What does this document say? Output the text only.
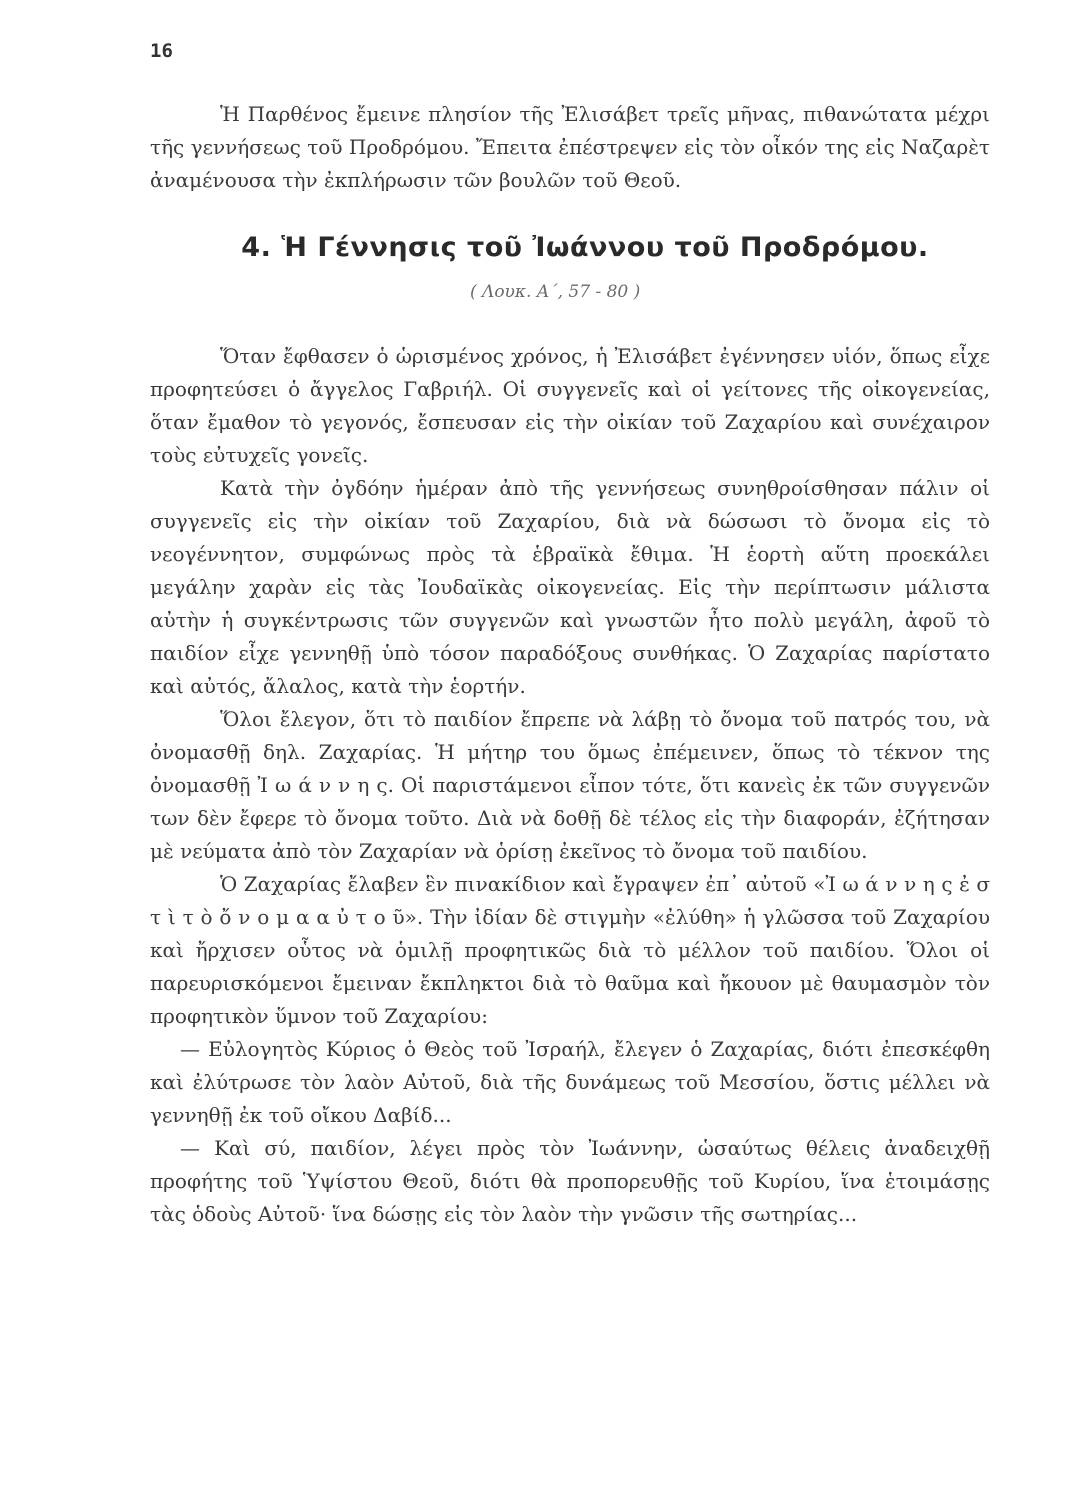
16

Ἡ Παρθένος ἔμεινε πλησίον τῆς Ἐλισάβετ τρεῖς μῆνας, πιθανώτατα μέχρι τῆς γεννήσεως τοῦ Προδρόμου. Ἔπειτα ἐπέστρεψεν εἰς τὸν οἶκόν της εἰς Ναζαρὲτ ἀναμένουσα τὴν ἐκπλήρωσιν τῶν βουλῶν τοῦ Θεοῦ.

4. Ἡ Γέννησις τοῦ Ἰωάννου τοῦ Προδρόμου.
( Λουκ. Α΄, 57 - 80 )

Ὅταν ἔφθασεν ὁ ὡρισμένος χρόνος, ἡ Ἐλισάβετ ἐγέννησεν υἱόν, ὅπως εἶχε προφητεύσει ὁ ἄγγελος Γαβριήλ. Οἱ συγγενεῖς καὶ οἱ γείτονες τῆς οἰκογενείας, ὅταν ἔμαθον τὸ γεγονός, ἔσπευσαν εἰς τὴν οἰκίαν τοῦ Ζαχαρίου καὶ συνέχαιρον τοὺς εὐτυχεῖς γονεῖς.

Κατὰ τὴν ὀγδόην ἡμέραν ἀπὸ τῆς γεννήσεως συνηθροίσθησαν πάλιν οἱ συγγενεῖς εἰς τὴν οἰκίαν τοῦ Ζαχαρίου, διὰ νὰ δώσωσι τὸ ὄνομα εἰς τὸ νεογέννητον, συμφώνως πρὸς τὰ ἑβραϊκὰ ἔθιμα. Ἡ ἑορτὴ αὕτη προεκάλει μεγάλην χαρὰν εἰς τὰς Ἰουδαϊκὰς οἰκογενείας. Εἰς τὴν περίπτωσιν μάλιστα αὐτὴν ἡ συγκέντρωσις τῶν συγγενῶν καὶ γνωστῶν ἦτο πολὺ μεγάλη, ἀφοῦ τὸ παιδίον εἶχε γεννηθῇ ὑπὸ τόσον παραδόξους συνθήκας. Ὁ Ζαχαρίας παρίστατο καὶ αὐτός, ἄλαλος, κατὰ τὴν ἑορτήν.

Ὅλοι ἔλεγον, ὅτι τὸ παιδίον ἔπρεπε νὰ λάβῃ τὸ ὄνομα τοῦ πατρός του, νὰ ὀνομασθῇ δηλ. Ζαχαρίας. Ἡ μήτηρ του ὅμως ἐπέμεινεν, ὅπως τὸ τέκνον της ὀνομασθῇ Ἰ ω ά ν ν η ς. Οἱ παριστάμενοι εἶπον τότε, ὅτι κανεὶς ἐκ τῶν συγγενῶν των δὲν ἔφερε τὸ ὄνομα τοῦτο. Διὰ νὰ δοθῇ δὲ τέλος εἰς τὴν διαφοράν, ἐζήτησαν μὲ νεύματα ἀπὸ τὸν Ζαχαρίαν νὰ ὁρίσῃ ἐκεῖνος τὸ ὄνομα τοῦ παιδίου.

Ὁ Ζαχαρίας ἔλαβεν ἓν πινακίδιον καὶ ἔγραψεν ἐπ᾿ αὐτοῦ «Ἰ ω ά ν ν η ς ἐ σ τ ὶ τ ὸ ὄ ν ο μ α α ὐ τ ο ῦ». Τὴν ἰδίαν δὲ στιγμὴν «ἐλύθη» ἡ γλῶσσα τοῦ Ζαχαρίου καὶ ἤρχισεν οὗτος νὰ ὁμιλῇ προφητικῶς διὰ τὸ μέλλον τοῦ παιδίου. Ὅλοι οἱ παρευρισκόμενοι ἔμειναν ἔκπληκτοι διὰ τὸ θαῦμα καὶ ἤκουον μὲ θαυμασμὸν τὸν προφητικὸν ὕμνον τοῦ Ζαχαρίου:

— Εὐλογητὸς Κύριος ὁ Θεὸς τοῦ Ἰσραήλ, ἔλεγεν ὁ Ζαχαρίας, διότι ἐπεσκέφθη καὶ ἐλύτρωσε τὸν λαὸν Αὐτοῦ, διὰ τῆς δυνάμεως τοῦ Μεσσίου, ὅστις μέλλει νὰ γεννηθῇ ἐκ τοῦ οἴκου Δαβίδ...

— Καὶ σύ, παιδίον, λέγει πρὸς τὸν Ἰωάννην, ὡσαύτως θέλεις ἀναδειχθῇ προφήτης τοῦ Ὑψίστου Θεοῦ, διότι θὰ προπορευθῇς τοῦ Κυρίου, ἵνα ἑτοιμάσῃς τὰς ὁδοὺς Αὐτοῦ· ἵνα δώσῃς εἰς τὸν λαὸν τὴν γνῶσιν τῆς σωτηρίας...
